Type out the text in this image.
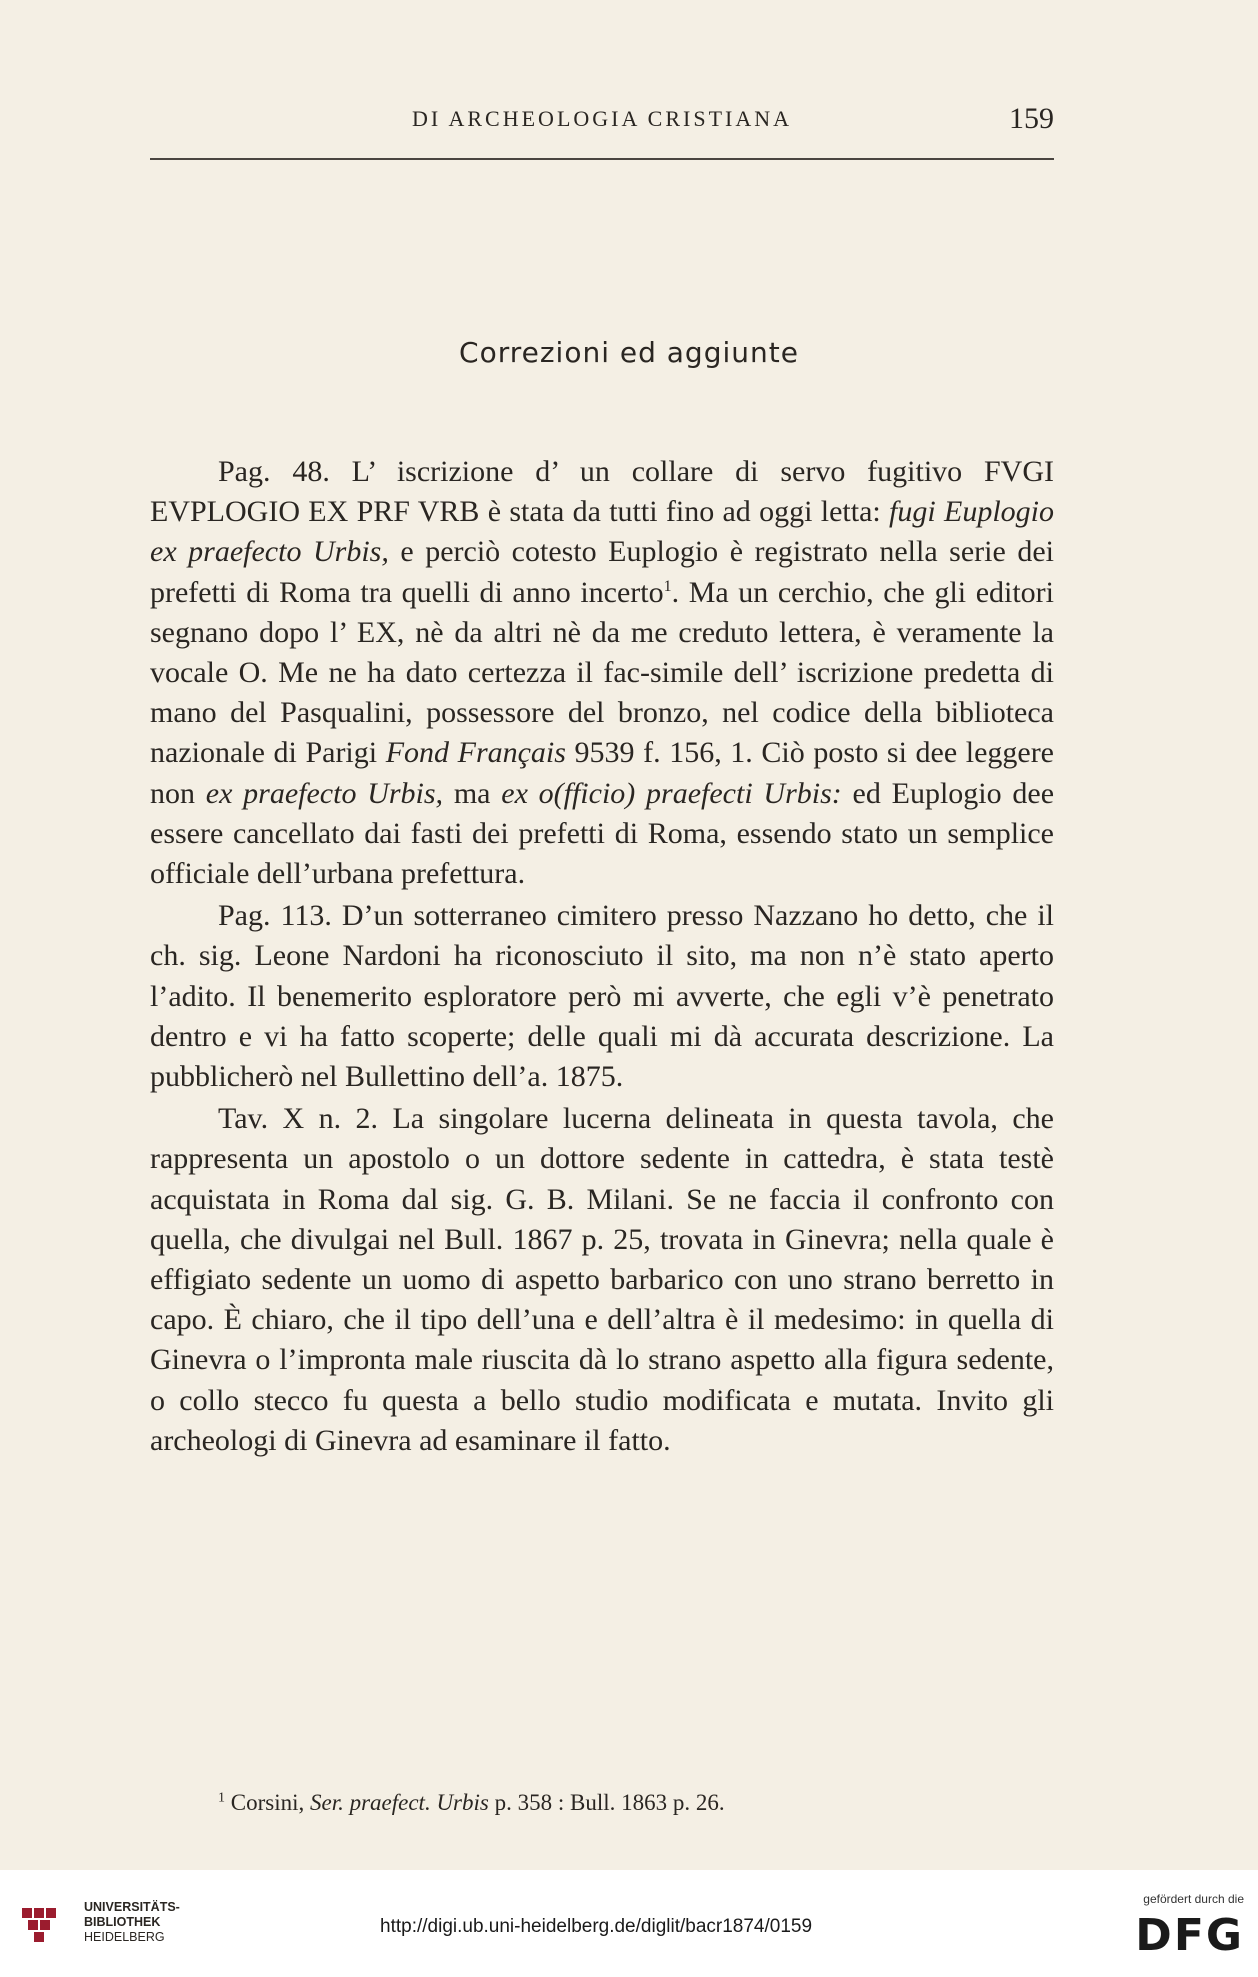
DI ARCHEOLOGIA CRISTIANA	159
Correzioni ed aggiunte

Pag. 48. L’ iscrizione d’ un collare di servo fugitivo FVGI EVPLOGIO EX PRF VRB è stata da tutti fino ad oggi letta: fugi Euplogio ex praefecto Urbis, e perciò cotesto Euplogio è registrato nella serie dei prefetti di Roma tra quelli di anno incerto$^1$. Ma un cerchio, che gli editori segnano dopo l’ EX, nè da altri nè da me creduto lettera, è veramente la vocale O. Me ne ha dato certezza il fac-simile dell’ iscrizione predetta di mano del Pasqualini, possessore del bronzo, nel codice della biblioteca nazionale di Parigi Fond Français 9539 f. 156, 1. Ciò posto si dee leggere non ex praefecto Urbis, ma ex o(fficio) praefecti Urbis: ed Euplogio dee essere cancellato dai fasti dei prefetti di Roma, essendo stato un semplice officiale dell’urbana prefettura.

Pag. 113. D’un sotterraneo cimitero presso Nazzano ho detto, che il ch. sig. Leone Nardoni ha riconosciuto il sito, ma non n’è stato aperto l’adito. Il benemerito esploratore però mi avverte, che egli v’è penetrato dentro e vi ha fatto scoperte; delle quali mi dà accurata descrizione. La pubblicherò nel Bullettino dell’a. 1875.

Tav. X n. 2. La singolare lucerna delineata in questa tavola, che rappresenta un apostolo o un dottore sedente in cattedra, è stata testè acquistata in Roma dal sig. G. B. Milani. Se ne faccia il confronto con quella, che divulgai nel Bull. 1867 p. 25, trovata in Ginevra; nella quale è effigiato sedente un uomo di aspetto barbarico con uno strano berretto in capo. È chiaro, che il tipo dell’una e dell’altra è il medesimo: in quella di Ginevra o l’impronta male riuscita dà lo strano aspetto alla figura sedente, o collo stecco fu questa a bello studio modificata e mutata. Invito gli archeologi di Ginevra ad esaminare il fatto.

$^1$ Corsini, Ser. praefect. Urbis p. 358 : Bull. 1863 p. 26.
UNIVERSITÄTS-
BIBLIOTHEK
HEIDELBERG	http://digi.ub.uni-heidelberg.de/diglit/bacr1874/0159
gefördert durch die
DFG
